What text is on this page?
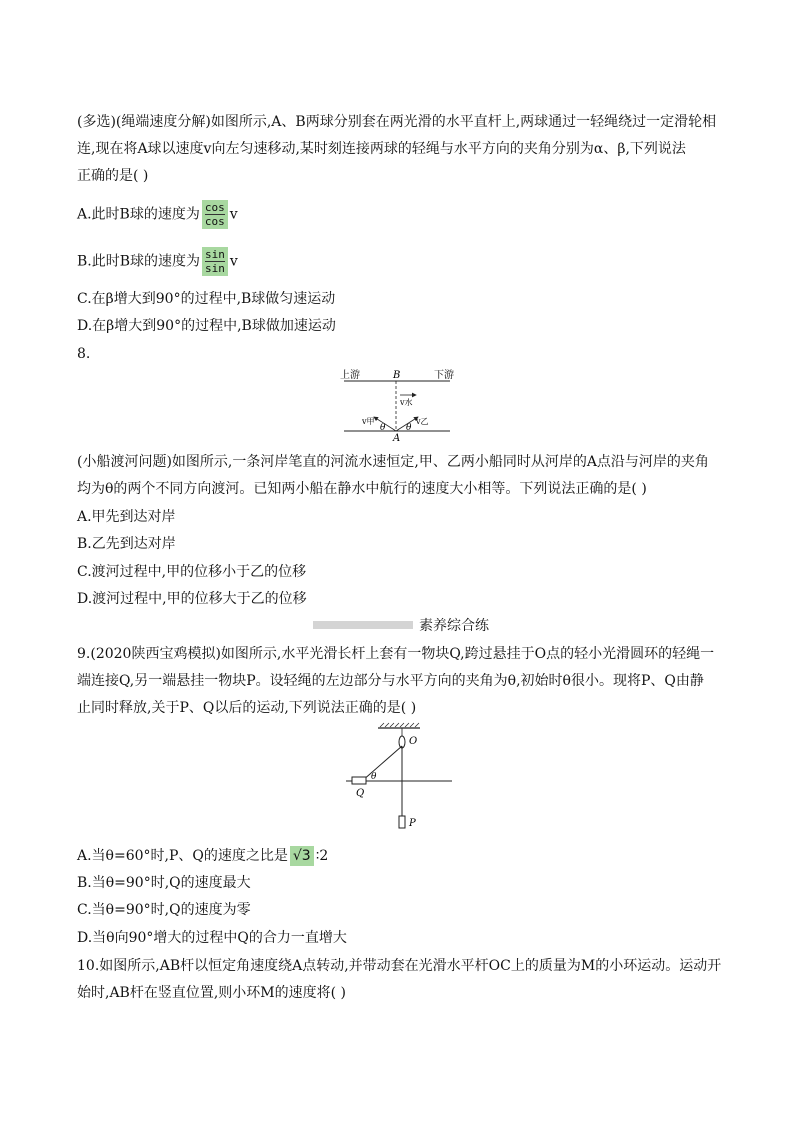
(多选)(绳端速度分解)如图所示,A、B两球分别套在两光滑的水平直杆上,两球通过一轻绳绕过一定滑轮相
连,现在将A球以速度v向左匀速移动,某时刻连接两球的轻绳与水平方向的夹角分别为α、β,下列说法
正确的是( )
A.此时B球的速度为 $\frac{\cos}{\cos}$ v
B.此时B球的速度为 $\frac{\sin}{\sin}$ v
C.在β增大到90°的过程中,B球做匀速运动
D.在β增大到90°的过程中,B球做加速运动
8.
上游	下游
B
v水
v甲	v乙
θ θ
A
(小船渡河问题)如图所示,一条河岸笔直的河流水速恒定,甲、乙两小船同时从河岸的A点沿与河岸的夹角
均为θ的两个不同方向渡河。已知两小船在静水中航行的速度大小相等。下列说法正确的是( )
A.甲先到达对岸
B.乙先到达对岸
C.渡河过程中,甲的位移小于乙的位移
D.渡河过程中,甲的位移大于乙的位移
素养综合练
9.(2020陕西宝鸡模拟)如图所示,水平光滑长杆上套有一物块Q,跨过悬挂于O点的轻小光滑圆环的轻绳一
端连接Q,另一端悬挂一物块P。设轻绳的左边部分与水平方向的夹角为θ,初始时θ很小。现将P、Q由静
止同时释放,关于P、Q以后的运动,下列说法正确的是( )
O
Q
θ
P
A.当θ=60°时,P、Q的速度之比是 √3 ∶2
B.当θ=90°时,Q的速度最大
C.当θ=90°时,Q的速度为零
D.当θ向90°增大的过程中Q的合力一直增大
10.如图所示,AB杆以恒定角速度绕A点转动,并带动套在光滑水平杆OC上的质量为M的小环运动。运动开
始时,AB杆在竖直位置,则小环M的速度将( )
